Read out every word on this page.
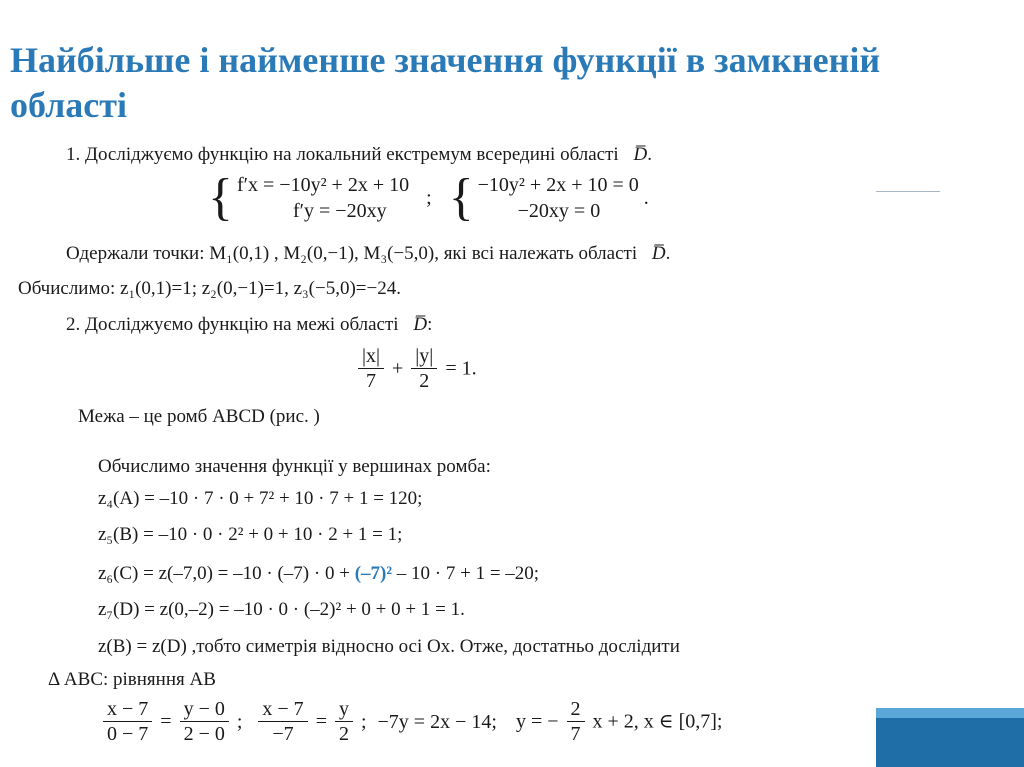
Найбільше і найменше значення функції в замкненій області
1. Досліджуємо функцію на локальний екстремум всередині області D̅.
{ f′x = −10y² + 2x + 10
f′y = −20xy
; { −10y² + 2x + 10 = 0
−20xy = 0
.
Одержали точки: M₁(0,1) , M₂(0,−1), M₃(−5,0), які всі належать області D̅.
Обчислимо: z₁(0,1)=1; z₂(0,−1)=1, z₃(−5,0)=−24.
2. Досліджуємо функцію на межі області D̅:
$\frac{|x|}{7} + \frac{|y|}{2} = 1$.
Межа – це ромб ABCD (рис. )
Обчислимо значення функції у вершинах ромба:
z₄(A) = –10 · 7 · 0 + 7² + 10 · 7 + 1 = 120;
z₅(B) = –10 · 0 · 2² + 0 + 10 · 2 + 1 = 1;
z₆(C) = z(–7,0) = –10 · (–7) · 0 + (–7)² – 10 · 7 + 1 = –20;
z₇(D) = z(0,–2) = –10 · 0 · (–2)² + 0 + 0 + 1 = 1.
z(B) = z(D) ,тобто симетрія відносно осі Ox. Отже, достатньо дослідити
Δ ABC: рівняння AB
$\frac{x - 7}{0 - 7} = \frac{y - 0}{2 - 0}$ ; $\frac{x - 7}{-7} = \frac{y}{2}$ ; −7y = 2x − 14; y = − $\frac{2}{7}$ x + 2, x ∈ [0,7];
